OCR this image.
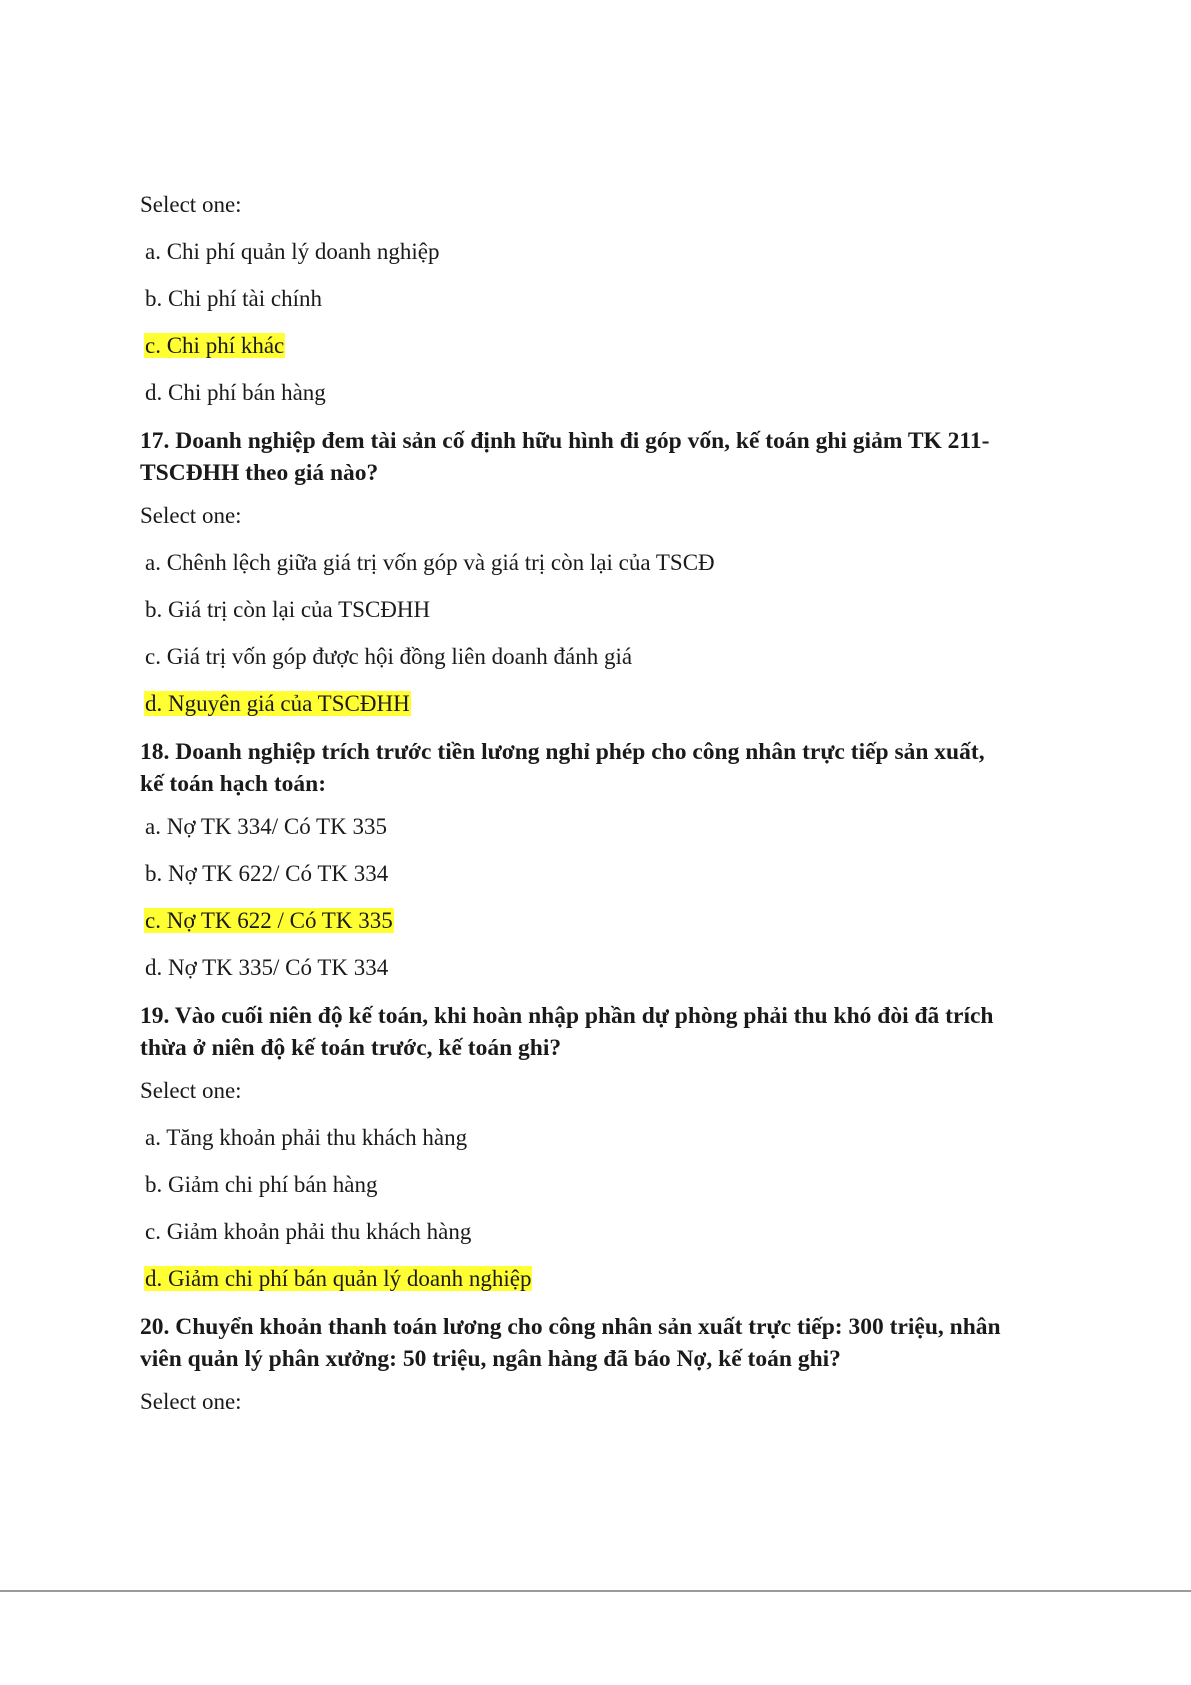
Select one:

a. Chi phí quản lý doanh nghiệp
b. Chi phí tài chính
c. Chi phí khác
d. Chi phí bán hàng

17. Doanh nghiệp đem tài sản cố định hữu hình đi góp vốn, kế toán ghi giảm TK 211-
TSCĐHH theo giá nào?

Select one:

a. Chênh lệch giữa giá trị vốn góp và giá trị còn lại của TSCĐ
b. Giá trị còn lại của TSCĐHH
c. Giá trị vốn góp được hội đồng liên doanh đánh giá
d. Nguyên giá của TSCĐHH

18. Doanh nghiệp trích trước tiền lương nghỉ phép cho công nhân trực tiếp sản xuất,
kế toán hạch toán:

a. Nợ TK 334/ Có TK 335
b. Nợ TK 622/ Có TK 334
c. Nợ TK 622 / Có TK 335
d. Nợ TK 335/ Có TK 334

19. Vào cuối niên độ kế toán, khi hoàn nhập phần dự phòng phải thu khó đòi đã trích
thừa ở niên độ kế toán trước, kế toán ghi?

Select one:

a. Tăng khoản phải thu khách hàng
b. Giảm chi phí bán hàng
c. Giảm khoản phải thu khách hàng
d. Giảm chi phí bán quản lý doanh nghiệp

20. Chuyển khoản thanh toán lương cho công nhân sản xuất trực tiếp: 300 triệu, nhân
viên quản lý phân xưởng: 50 triệu, ngân hàng đã báo Nợ, kế toán ghi?

Select one:
